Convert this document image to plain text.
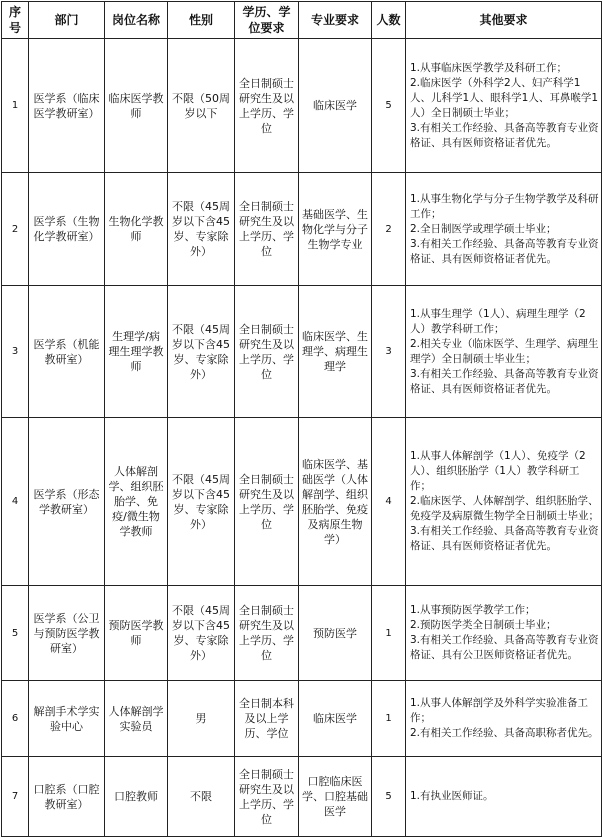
序号	部门	岗位名称	性别	学历、学位要求	专业要求	人数	其他要求
1	医学系（临床医学教研室）	临床医学教师	不限（50周岁以下	全日制硕士研究生及以上学历、学位	临床医学	5	1.从事临床医学教学及科研工作；
2.临床医学（外科学2人、妇产科学1人、儿科学1人、眼科学1人、耳鼻喉学1人）全日制硕士毕业；
3.有相关工作经验、具备高等教育专业资格证、具有医师资格证者优先。

2	医学系（生物化学教研室）	生物化学教师	不限（45周岁以下含45岁、专家除外）	全日制硕士研究生及以上学历、学位	基础医学、生物化学与分子生物学专业	2	1.从事生物化学与分子生物学教学及科研工作；
2.全日制医学或理学硕士毕业；
3.有相关工作经验、具备高等教育专业资格证、具有医师资格证者优先。

3	医学系（机能教研室）	生理学/病理生理学教师	不限（45周岁以下含45岁、专家除外）	全日制硕士研究生及以上学历、学位	临床医学、生理学、病理生理学	3	1.从事生理学（1人）、病理生理学（2人）教学科研工作；
2.相关专业（临床医学、生理学、病理生理学）全日制硕士毕业生；
3.有相关工作经验、具备高等教育专业资格证、具有医师资格证者优先。

4	医学系（形态学教研室）	人体解剖学、组织胚胎学、免疫/微生物学教师	不限（45周岁以下含45岁、专家除外）	全日制硕士研究生及以上学历、学位	临床医学、基础医学（人体解剖学、组织胚胎学、免疫及病原生物学）	4	1.从事人体解剖学（1人）、免疫学（2人）、组织胚胎学（1人）教学科研工作；
2.临床医学、人体解剖学、组织胚胎学、免疫学及病原微生物学全日制硕士毕业；
3.有相关工作经验、具备高等教育专业资格证、具有医师资格证者优先。

5	医学系（公卫与预防医学教研室）	预防医学教师	不限（45周岁以下含45岁、专家除外）	全日制硕士研究生及以上学历、学位	预防医学	1	1.从事预防医学教学工作；
2.预防医学类全日制硕士毕业；
3.有相关工作经验、具备高等教育专业资格证、具有公卫医师资格证者优先。

6	解剖手术学实验中心	人体解剖学实验员	男	全日制本科及以上学历、学位	临床医学	1	1.从事人体解剖学及外科学实验准备工作；
2.有相关工作经验、具备高职称者优先。

7	口腔系（口腔教研室）	口腔教师	不限	全日制硕士研究生及以上学历、学位	口腔临床医学、口腔基础医学	5	1.有执业医师证。
